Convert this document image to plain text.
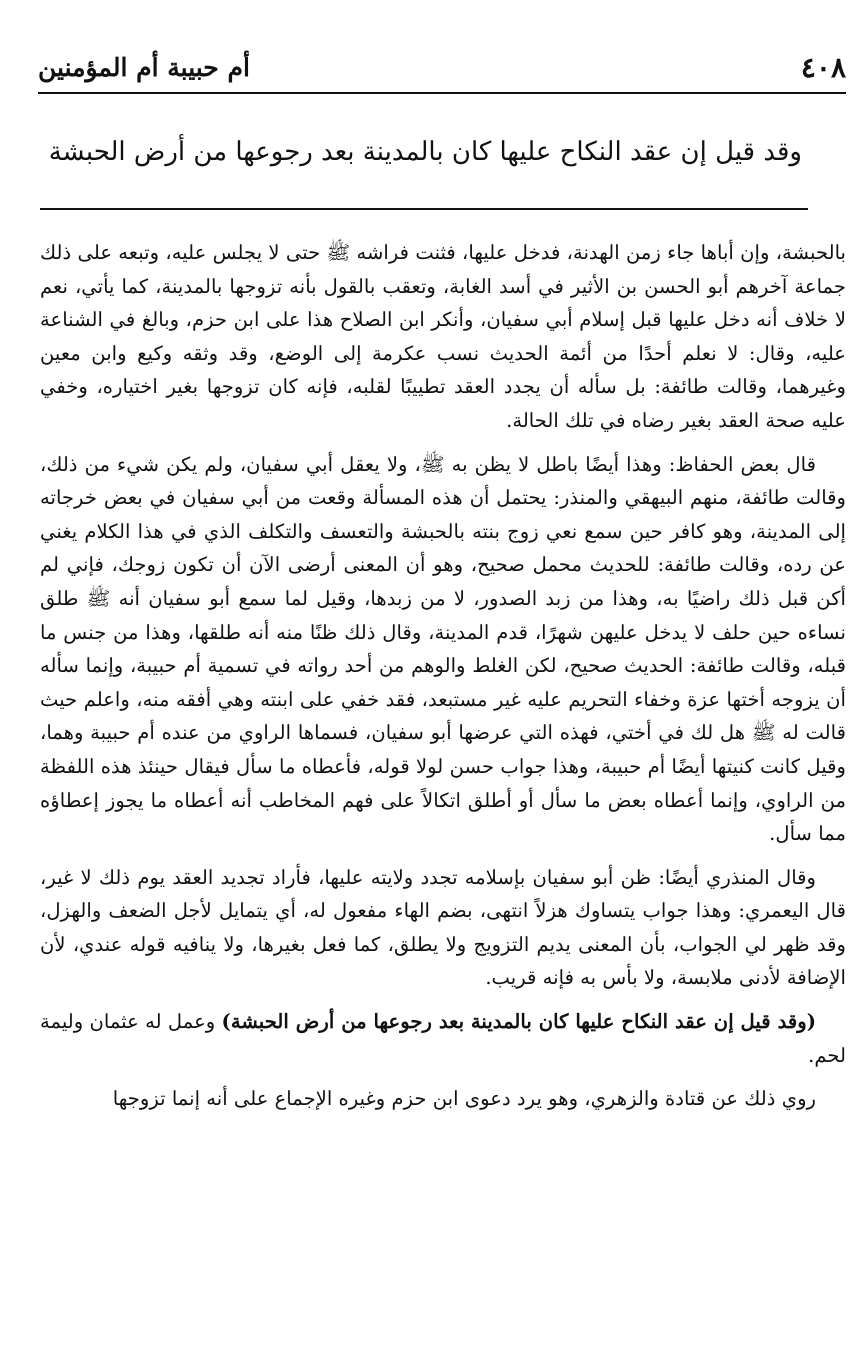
٤٠٨
أم حبيبة أم المؤمنين
وقد قيل إن عقد النكاح عليها كان بالمدينة بعد رجوعها من أرض الحبشة

بالحبشة، وإن أباها جاء زمن الهدنة، فدخل عليها، فثنت فراشه ﷺ حتى لا يجلس عليه، وتبعه على ذلك جماعة آخرهم أبو الحسن بن الأثير في أسد الغابة، وتعقب بالقول بأنه تزوجها بالمدينة، كما يأتي، نعم لا خلاف أنه دخل عليها قبل إسلام أبي سفيان، وأنكر ابن الصلاح هذا على ابن حزم، وبالغ في الشناعة عليه، وقال: لا نعلم أحدًا من أئمة الحديث نسب عكرمة إلى الوضع، وقد وثقه وكيع وابن معين وغيرهما، وقالت طائفة: بل سأله أن يجدد العقد تطييبًا لقلبه، فإنه كان تزوجها بغير اختياره، وخفي عليه صحة العقد بغير رضاه في تلك الحالة.

قال بعض الحفاظ: وهذا أيضًا باطل لا يظن به ﷺ، ولا يعقل أبي سفيان، ولم يكن شيء من ذلك، وقالت طائفة، منهم البيهقي والمنذر: يحتمل أن هذه المسألة وقعت من أبي سفيان في بعض خرجاته إلى المدينة، وهو كافر حين سمع نعي زوج بنته بالحبشة والتعسف والتكلف الذي في هذا الكلام يغني عن رده، وقالت طائفة: للحديث محمل صحيح، وهو أن المعنى أرضى الآن أن تكون زوجك، فإني لم أكن قبل ذلك راضيًا به، وهذا من زبد الصدور، لا من زبدها، وقيل لما سمع أبو سفيان أنه ﷺ طلق نساءه حين حلف لا يدخل عليهن شهرًا، قدم المدينة، وقال ذلك ظنًا منه أنه طلقها، وهذا من جنس ما قبله، وقالت طائفة: الحديث صحيح، لكن الغلط والوهم من أحد رواته في تسمية أم حبيبة، وإنما سأله أن يزوجه أختها عزة وخفاء التحريم عليه غير مستبعد، فقد خفي على ابنته وهي أفقه منه، واعلم حيث قالت له ﷺ هل لك في أختي، فهذه التي عرضها أبو سفيان، فسماها الراوي من عنده أم حبيبة وهما، وقيل كانت كنيتها أيضًا أم حبيبة، وهذا جواب حسن لولا قوله، فأعطاه ما سأل فيقال حينئذ هذه اللفظة من الراوي، وإنما أعطاه بعض ما سأل أو أطلق اتكالاً على فهم المخاطب أنه أعطاه ما يجوز إعطاؤه مما سأل.

وقال المنذري أيضًا: ظن أبو سفيان بإسلامه تجدد ولايته عليها، فأراد تجديد العقد يوم ذلك لا غير، قال اليعمري: وهذا جواب يتساوك هزلاً انتهى، بضم الهاء مفعول له، أي يتمايل لأجل الضعف والهزل، وقد ظهر لي الجواب، بأن المعنى يديم التزويج ولا يطلق، كما فعل بغيرها، ولا ينافيه قوله عندي، لأن الإضافة لأدنى ملابسة، ولا بأس به فإنه قريب.

(وقد قيل إن عقد النكاح عليها كان بالمدينة بعد رجوعها من أرض الحبشة) وعمل له عثمان وليمة لحم.

روي ذلك عن قتادة والزهري، وهو يرد دعوى ابن حزم وغيره الإجماع على أنه إنما تزوجها
